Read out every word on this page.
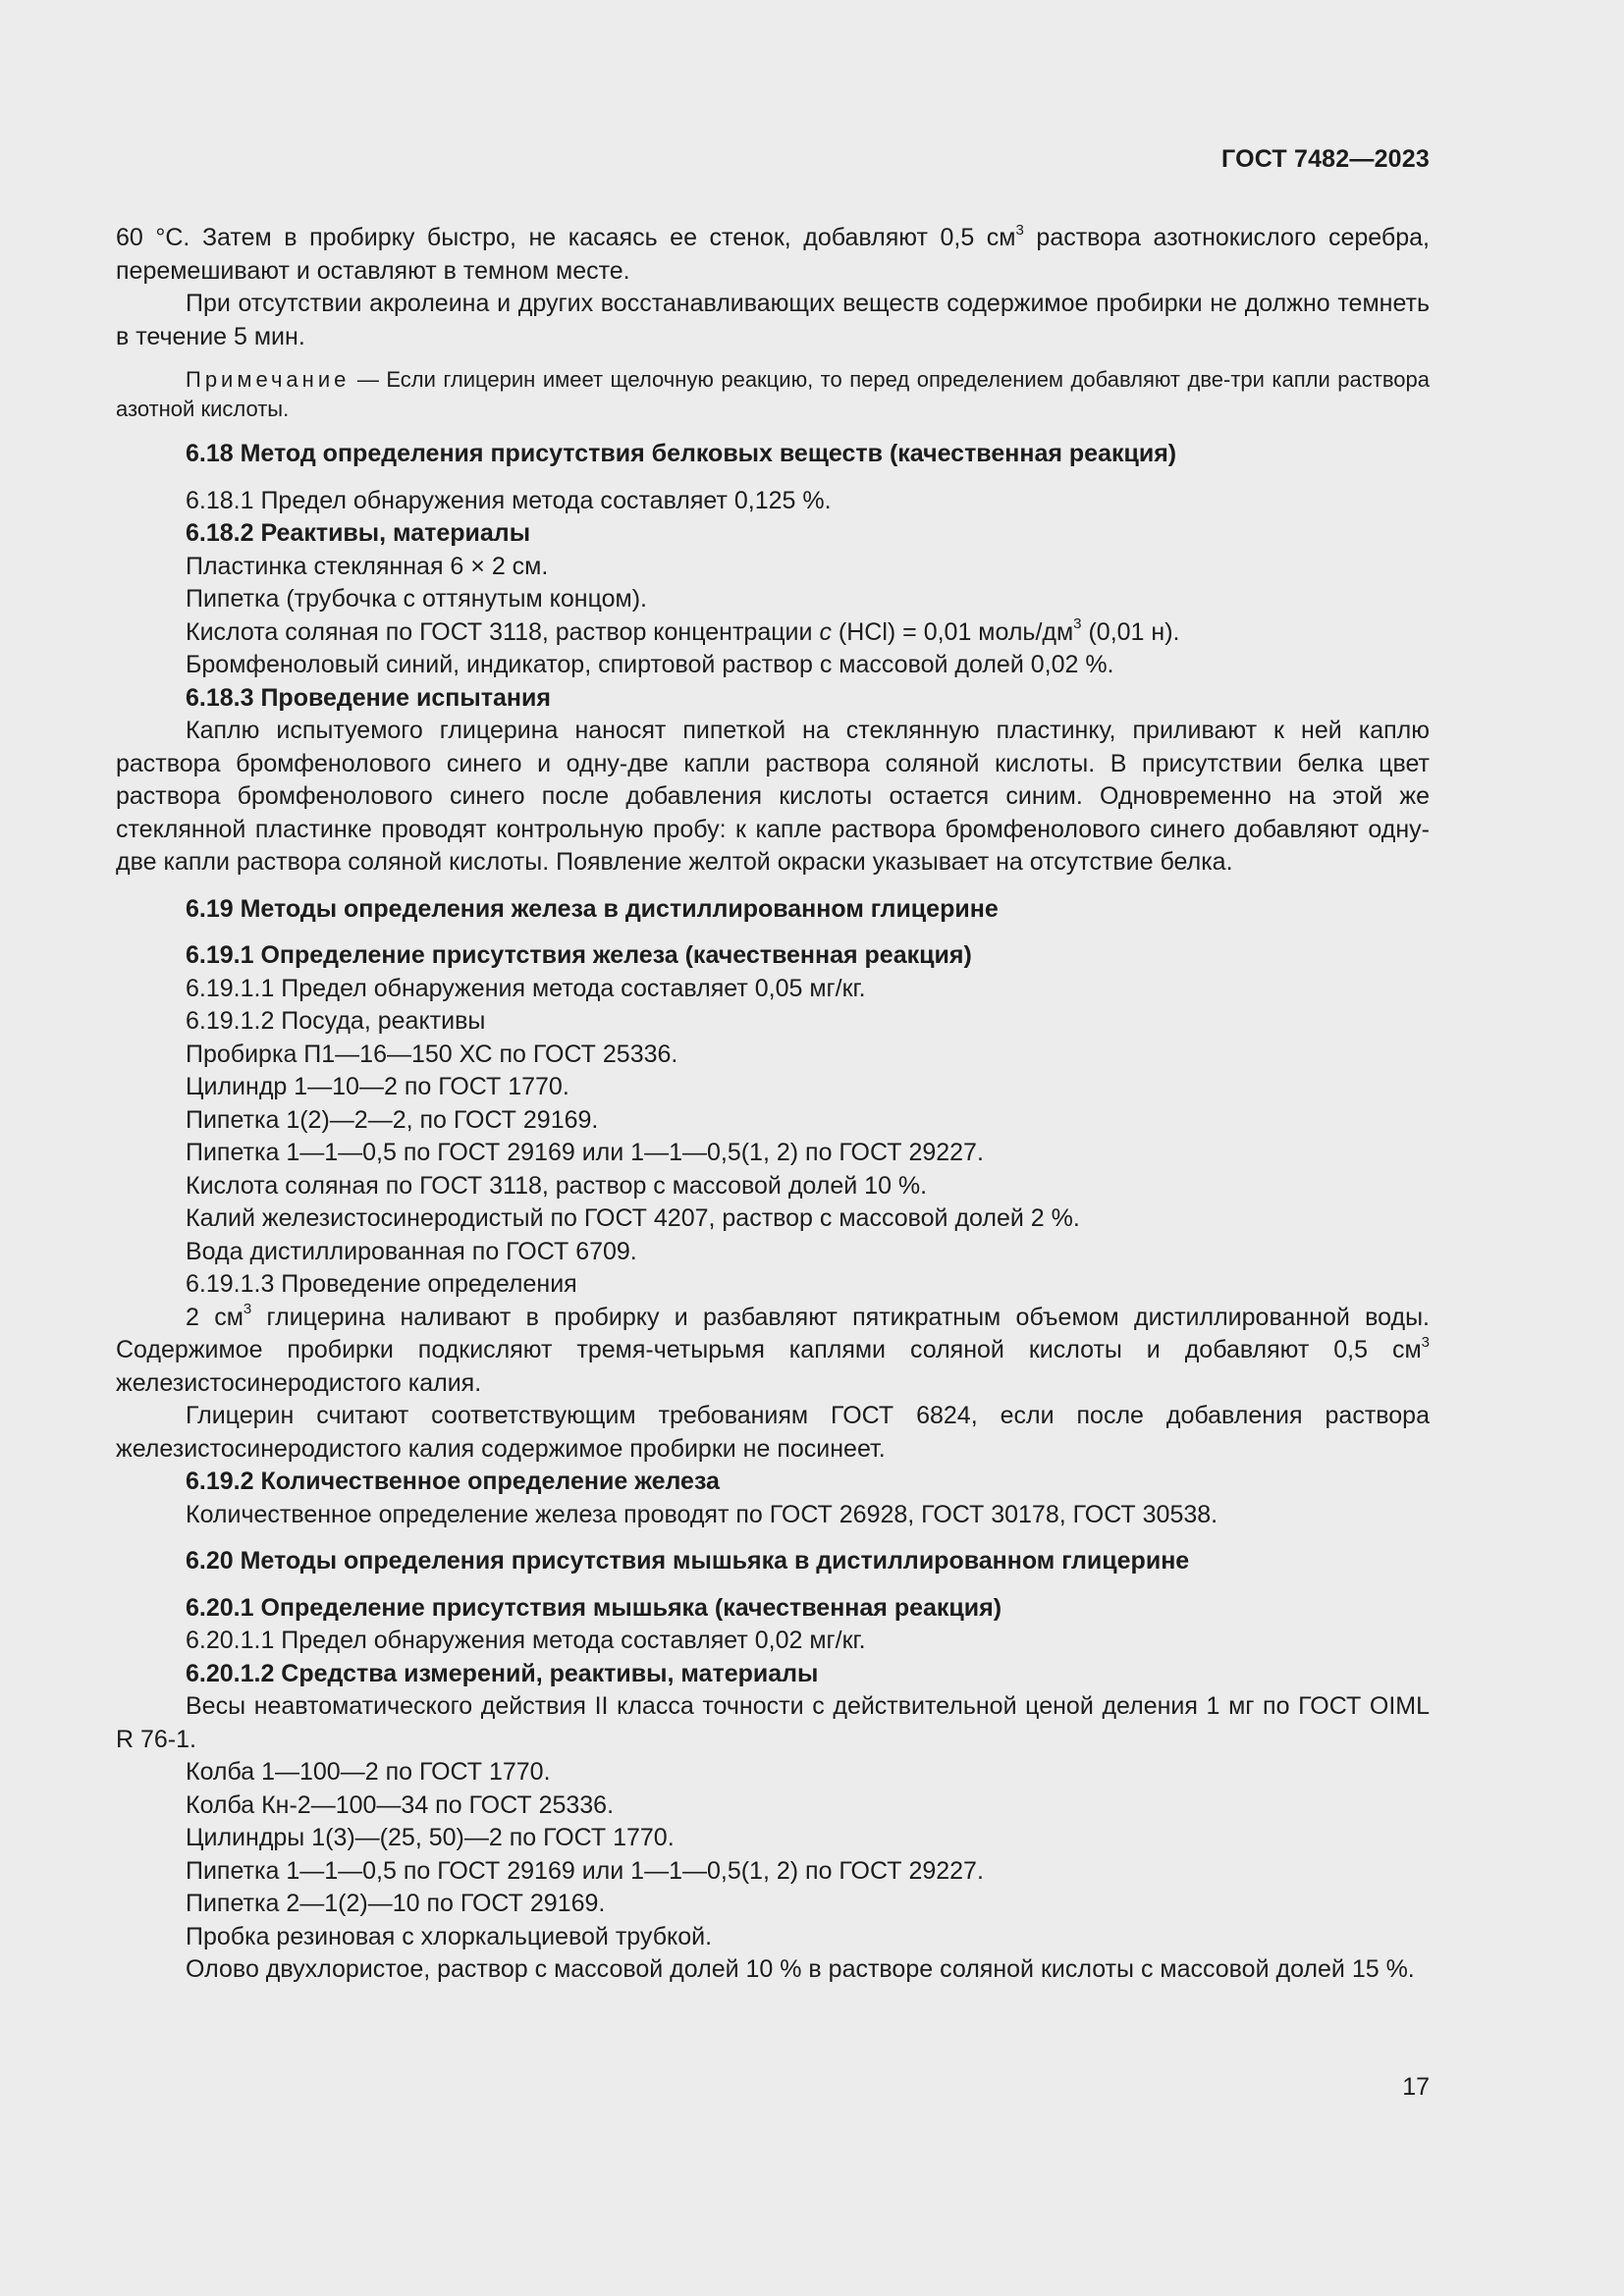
ГОСТ 7482—2023

60 °С. Затем в пробирку быстро, не касаясь ее стенок, добавляют 0,5 $см^3$ раствора азотнокислого серебра, перемешивают и оставляют в темном месте.

При отсутствии акролеина и других восстанавливающих веществ содержимое пробирки не должно темнеть в течение 5 мин.

Примечание — Если глицерин имеет щелочную реакцию, то перед определением добавляют две-три капли раствора азотной кислоты.

6.18 Метод определения присутствия белковых веществ (качественная реакция)

6.18.1 Предел обнаружения метода составляет 0,125 %.

6.18.2 Реактивы, материалы

Пластинка стеклянная 6 × 2 см.

Пипетка (трубочка с оттянутым концом).

Кислота соляная по ГОСТ 3118, раствор концентрации с (HCl) = 0,01 моль/$дм^3$ (0,01 н).

Бромфеноловый синий, индикатор, спиртовой раствор с массовой долей 0,02 %.

6.18.3 Проведение испытания

Каплю испытуемого глицерина наносят пипеткой на стеклянную пластинку, приливают к ней каплю раствора бромфенолового синего и одну-две капли раствора соляной кислоты. В присутствии белка цвет раствора бромфенолового синего после добавления кислоты остается синим. Одновременно на этой же стеклянной пластинке проводят контрольную пробу: к капле раствора бромфенолового синего добавляют одну-две капли раствора соляной кислоты. Появление желтой окраски указывает на отсутствие белка.

6.19 Методы определения железа в дистиллированном глицерине

6.19.1 Определение присутствия железа (качественная реакция)

6.19.1.1 Предел обнаружения метода составляет 0,05 мг/кг.

6.19.1.2 Посуда, реактивы

Пробирка П1—16—150 ХС по ГОСТ 25336.

Цилиндр 1—10—2 по ГОСТ 1770.

Пипетка 1(2)—2—2, по ГОСТ 29169.

Пипетка 1—1—0,5 по ГОСТ 29169 или 1—1—0,5(1, 2) по ГОСТ 29227.

Кислота соляная по ГОСТ 3118, раствор с массовой долей 10 %.

Калий железистосинеродистый по ГОСТ 4207, раствор с массовой долей 2 %.

Вода дистиллированная по ГОСТ 6709.

6.19.1.3 Проведение определения

2 $см^3$ глицерина наливают в пробирку и разбавляют пятикратным объемом дистиллированной воды. Содержимое пробирки подкисляют тремя-четырьмя каплями соляной кислоты и добавляют 0,5 $см^3$ железистосинеродистого калия.

Глицерин считают соответствующим требованиям ГОСТ 6824, если после добавления раствора железистосинеродистого калия содержимое пробирки не посинеет.

6.19.2 Количественное определение железа

Количественное определение железа проводят по ГОСТ 26928, ГОСТ 30178, ГОСТ 30538.

6.20 Методы определения присутствия мышьяка в дистиллированном глицерине

6.20.1 Определение присутствия мышьяка (качественная реакция)

6.20.1.1 Предел обнаружения метода составляет 0,02 мг/кг.

6.20.1.2 Средства измерений, реактивы, материалы

Весы неавтоматического действия II класса точности с действительной ценой деления 1 мг по ГОСТ OIML R 76-1.

Колба 1—100—2 по ГОСТ 1770.

Колба Кн-2—100—34 по ГОСТ 25336.

Цилиндры 1(3)—(25, 50)—2 по ГОСТ 1770.

Пипетка 1—1—0,5 по ГОСТ 29169 или 1—1—0,5(1, 2) по ГОСТ 29227.

Пипетка 2—1(2)—10 по ГОСТ 29169.

Пробка резиновая с хлоркальциевой трубкой.

Олово двухлористое, раствор с массовой долей 10 % в растворе соляной кислоты с массовой долей 15 %.

17
